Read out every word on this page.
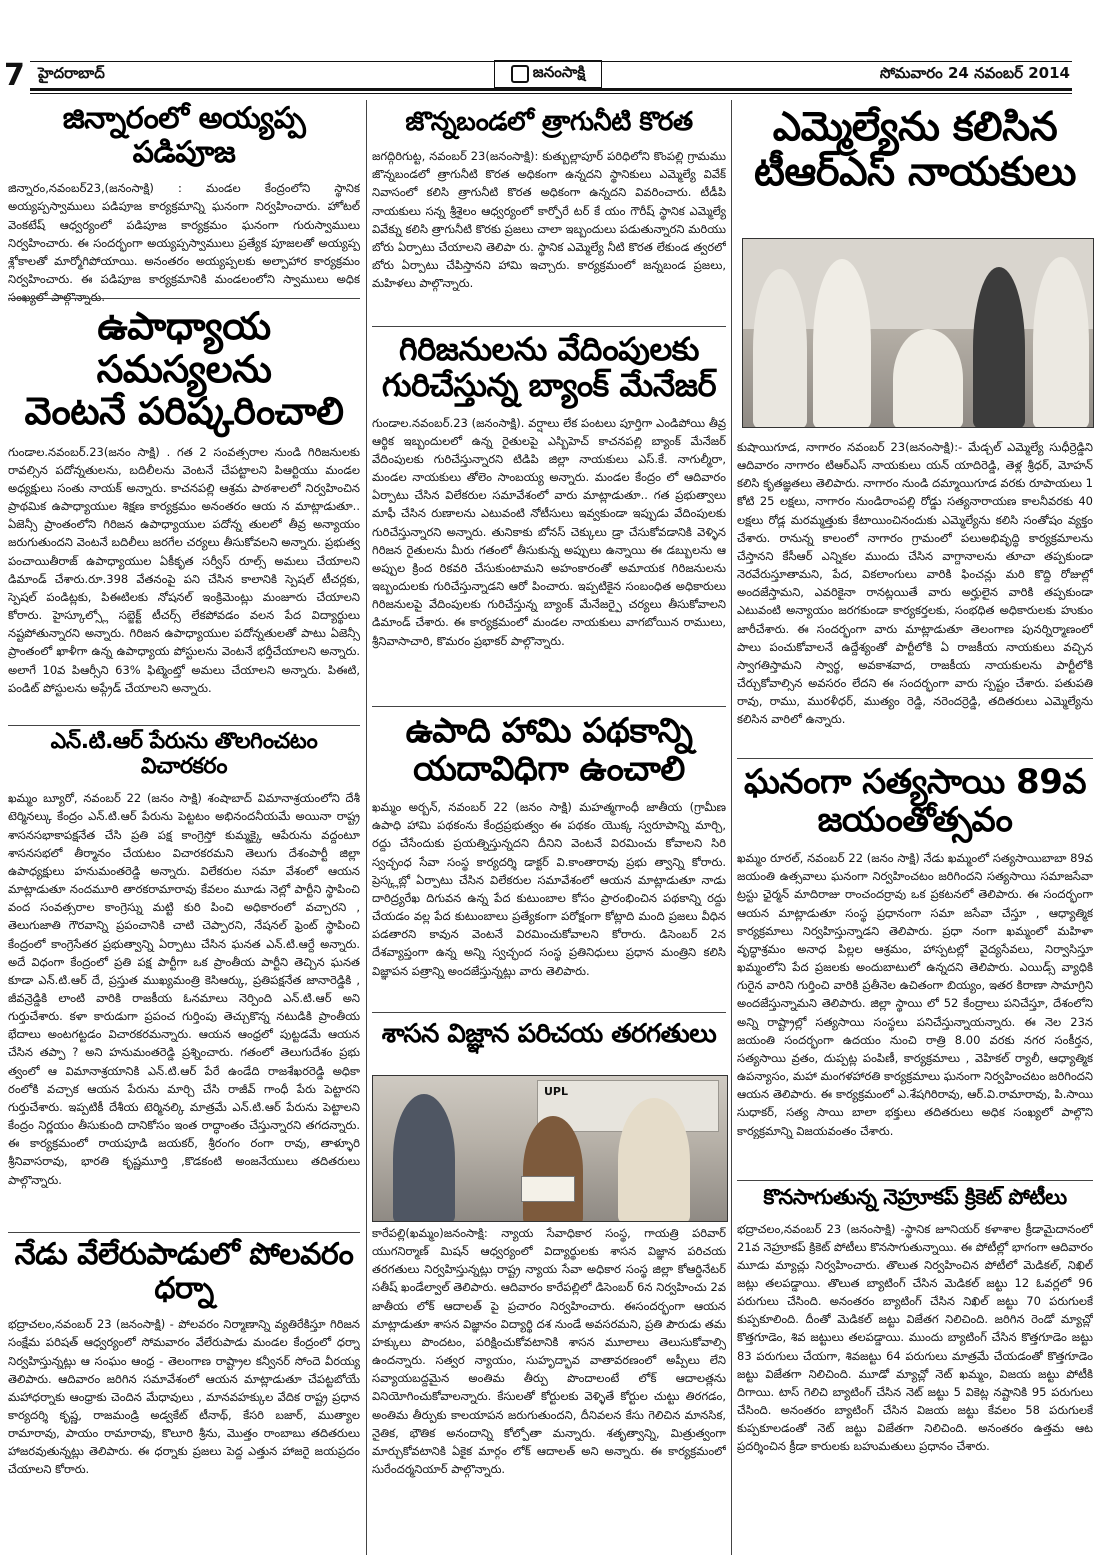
7 హైదరాబాద్	జనంసాక్షి	సోమవారం 24 నవంబర్ 2014
జిన్నారంలో అయ్యప్ప పడిపూజ
జిన్నారం,నవంబర్23,(జనంసాక్షి) : మండల కేంద్రంలోని స్థానిక అయ్యప్పస్వాములు పడిపూజ కార్యక్రమాన్ని ఘనంగా నిర్వహించారు. హోటల్ వెంకటేష్ ఆధ్వర్యంలో పడిపూజ కార్యక్రమం ఘనంగా గురుస్వాములు నిర్వహించారు. ఈ సందర్భంగా అయ్యప్పస్వాములు ప్రత్యేక పూజలతో అయ్యప్ప శ్లోకాలతో మార్మోగిపోయాయి. అనంతరం అయ్యప్పలకు అల్పాహార కార్యక్రమం నిర్వహించారు. ఈ పడిపూజ కార్యక్రమానికి మండలంలోని స్వాములు అధిక
ఉపాధ్యాయ సమస్యలను
వెంటనే పరిష్కరించాలి
గుండాల.నవంబర్.23(జనం సాక్షి) . గత 2 సంవత్సరాల నుండి గిరిజనులకు రావల్సిన పదోన్నతులను, బదిలీలను వెంటనే చేపట్టాలని పిఆర్టియు మండల అధ్యక్షులు సంతు నాయక్ అన్నారు. కాచనపల్లి ఆశ్రమ పాఠశాలలో నిర్వహించిన ప్రాథమిక ఉపాధ్యాయుల శిక్షణ కార్యక్రమం అనంతరం ఆయ న మాట్లాడుతూ.. ఏజెన్సీ ప్రాంతంలోని గిరిజన ఉపాధ్యాయుల పదోన్న తులలో తీవ్ర అన్యాయం జరుగుతుందని వెంటనే బదిలీలు జరగేల చర్యలు తీసుకోవలని అన్నారు. ప్రభుత్వ పంచాయితీరాజ్ ఉపాధ్యాయుల ఏకీకృత సర్వీస్ రూల్స్ అమలు చేయాలని డిమాండ్ చేశారు.రూ.398 వేతనంపై పని చేసిన కాలానికి స్పెషల్ టీచర్లకు, స్పెషల్ పండిట్లకు, పిఈటిలకు నోషనల్ ఇంక్రిమెంట్లు మంజూరు చేయాలని కోరారు. హైస్కూల్స్లో సబ్జెక్ట్ టీచర్స్ లేకపోవడం వలన పేద విద్యార్థులు నష్టపోతున్నారని అన్నారు. గిరిజన ఉపాధ్యాయుల పదోన్నతులతో పాటు ఏజెన్సీ ప్రాంతంలో ఖాళీగా ఉన్న ఉపాధ్యాయ పోస్టులను వెంటనే భర్తీచేయాలని అన్నారు. అలాగే 10వ పిఆర్సీని 63% ఫిట్మెంట్తో అమలు చేయాలని అన్నారు. పిఈటి, పండిట్ పోస్టులను అప్గ్రేడ్ చేయాలని అన్నారు.
ఎన్.టి.ఆర్ పేరును తొలగించటం విచారకరం
ఖమ్మం బ్యూరో, నవంబర్ 22 (జనం సాక్షి) శంషాబాద్ విమానాశ్రయంలోని దేశీ టెర్మినల్కు కేంద్రం ఎన్.టి.ఆర్ పేరును పెట్టటం అభినందనీయమే అయినా రాష్ట్ర శాసనసభాకాపక్షనేత చేసి ప్రతి పక్ష కాంగ్రెస్తో కుమ్మక్కై ఆపేరును వద్దంటూ శాసనసభలో తీర్మానం చేయటం విచారకరమని తెలుగు దేశంపార్టీ జిల్లా ఉపాధ్యక్షులు హనుమంతరెడ్డి అన్నారు. విలేకరుల సమా వేశంలో ఆయన మాట్లాడుతూ నందమూరి తారకరామారావు కేవలం మూడు నెల్లో పార్టీని స్థాపించి వంద సంవత్సరాల కాంగ్రెస్ను మట్టి కురి పించి అధికారంలో వచ్చారని , తెలుగుజాతి గౌరవాన్ని ప్రపంచానికి చాటి చెప్పారని, నేషనల్ ఫ్రెంట్ స్థాపించి కేంద్రంలో కాంగ్రెసేతర ప్రభుత్వాన్ని ఏర్పాటు చేసిన ఘనత ఎన్.టి.ఆర్దే అన్నారు. అదే విధంగా కేంద్రంలో ప్రతి పక్ష పార్టీగా ఒక ప్రాంతీయ పార్టీని తెచ్చిన ఘనత కూడా ఎన్.టి.ఆర్ దే, ప్రస్తుత ముఖ్యమంత్రి కెసిఆర్కు, ప్రతిపక్షనేత జానారెడ్డికి , జీవన్రెడ్డికి లాంటి వారికి రాజకీయ ఓనమాలు నెర్పింది ఎన్.టి.ఆర్ అని గుర్తుచేశారు. కళా కారుడుగా ప్రపంచ గుర్తింపు తెచ్చుకొన్న నటుడికి ప్రాంతీయ భేదాలు అంటగట్టడం విచారకరమన్నారు. ఆయన ఆంధ్రలో పుట్టడమే ఆయన చేసిన తప్పా ? అని హనుమంతరెడ్డి ప్రశ్నించారు. గతంలో తెలుగుదేశం ప్రభు త్వంలో ఆ విమానాశ్రయానికి ఎన్.టి.ఆర్ పేరే ఉండేది రాజశేఖరరెడ్డి అధికా రంలోకి వచ్చాక ఆయన పేరును మార్చి చేసి రాజీవ్ గాంధీ పేరు పెట్టారని గుర్తుచేశారు. ఇప్పటికీ దేశీయ టెర్మినల్కి మాత్రమే ఎన్.టి.ఆర్ పేరును పెట్టాలని కేంద్రం నిర్ణయం తీసుకుంది దానికోసం ఇంత రాద్ధాంతం చేస్తున్నారని తగదన్నారు. ఈ కార్యక్రమంలో రాయపూడి జయకర్, శ్రీరంగం రంగా రావు, తాళ్ళూరి శ్రీనివాసరావు, భారతి కృష్ణమూర్తి ,కొడకంటి అంజనేయులు తదితరులు పాల్గొన్నారు.
నేడు వేలేరుపాడులో పోలవరం ధర్నా
భద్రాచలం,నవంబర్ 23 (జనంసాక్షి) - పోలవరం నిర్మాణాన్ని వ్యతిరేకిస్తూ గిరిజన సంక్షేమ పరిషత్ ఆధ్వర్యంలో సోమవారం వేలేరుపాడు మండల కేంద్రంలో ధర్నా నిర్వహిస్తున్నట్లు ఆ సంఘం ఆంధ్ర - తెలంగాణ రాష్ట్రాల కన్వీనర్ సోందె వీరయ్య తెలిపారు. ఆదివారం జరిగిన సమావేశంలో ఆయన మాట్లాడుతూ చేపట్టబోయే మహాధర్నాకు ఆంధ్రాకు చెందిన మేధావులు , మానవహక్కుల వేదిక రాష్ట్ర ప్రధాన కార్యదర్శి కృష్ణ, రాజమండ్రి అడ్వకేట్ టీనాథ్, కేసరి బజార్, ముత్యాల రామారావు, పాయం రామారావు, కొలూరి శ్రీను, మొత్తం రాంబాబు తదితరులు హాజరవుతున్నట్లు తెలిపారు. ఈ ధర్నాకు ప్రజలు పెద్ద ఎత్తున హాజరై జయప్రదం చేయాలని కోరారు.
జొన్నబండలో త్రాగునీటి కొరత
జగద్గిరిగుట్ట, నవంబర్ 23(జనంసాక్షి): కుత్బుల్లాపూర్ పరిధిలోని కొంపల్లి గ్రామము జొన్నబండలో త్రాగునీటి కొరత అధికంగా ఉన్నదని స్థానికులు ఎమ్మెల్యే వివేక్ నివాసంలో కలిసి త్రాగునీటి కొరత అధికంగా ఉన్నదని వివరించారు. టీడీపి నాయకులు సన్న శ్రీశైలం ఆధ్వర్యంలో కార్పోరే టర్ కే యం గౌరీష్ స్థానిక ఎమ్మెల్యే వివేక్ను కలిసి త్రాగునీటి కొరకు ప్రజలు చాలా ఇబ్బందులు పడుతున్నారని మరియు బోరు ఏర్పాటు చేయాలని తెలిపా రు. స్థానిక ఎమ్మెల్యే నీటి కొరత లేకుండ త్వరలో బోరు ఏర్పాటు చేపిస్తానని హామి ఇచ్చారు. కార్యక్రమంలో జన్నబండ ప్రజలు, మహిళలు పాల్గొన్నారు.
గిరిజనులను వేదింపులకు
గురిచేస్తున్న బ్యాంక్ మేనేజర్
గుండాల.నవంబర్.23 (జనంసాక్షి). వర్షాలు లేక పంటలు పూర్తిగా ఎండిపోయి తీవ్ర ఆర్థిక ఇబ్బందులలో ఉన్న రైతులపై ఎస్బిహెచ్ కాచనపల్లి బ్యాంక్ మేనేజర్ వేదింపులకు గురిచేస్తున్నారని టిడిపి జిల్లా నాయకులు ఎస్.కే. నాగుల్మీరా, మండల నాయకులు తోలెం సాంబయ్య అన్నారు. మండల కేంద్రం లో ఆదివారం ఏర్పాటు చేసిన విలేకరుల సమావేశంలో వారు మాట్లాడుతూ.. గత ప్రభుత్వాలు మాఫీ చేసిన రుణాలను ఎటువంటి నోటీసులు ఇవ్వకుండా ఇప్పుడు వేదింపులకు గురిచేస్తున్నారని అన్నారు. తునికాకు బోనస్ చెక్కులు డ్రా చేసుకోవడానికి వెళ్ళిన గిరిజన రైతులను మీరు గతంలో తీసుకున్న అప్పులు ఉన్నాయి ఈ డబ్బులను ఆ అప్పుల క్రింద రికవరి చేసుకుంటామని అహంకారంతో అమాయక గిరిజనులను ఇబ్బందులకు గురిచేస్తున్నాడని ఆరో పించారు. ఇప్పటికైన సంబంధిత అధికారులు గిరిజనులపై వేదింపులకు గురిచేస్తున్న బ్యాంక్ మేనేజర్పై చర్యలు తీసుకోవాలని డిమాండ్ చేశారు. ఈ కార్యక్రమంలో మండల నాయకులు వాగబోయిన రాములు, శ్రీనివాసాచారి, కొమరం ప్రభాకర్ పాల్గొన్నారు.
ఉపాది హామి పథకాన్ని
యదావిధిగా ఉంచాలి
ఖమ్మం అర్బన్, నవంబర్ 22 (జనం సాక్షి) మహత్మగాంధీ జాతీయ (గ్రామీణ ఉపాధి హామి పథకంను కేంద్రప్రభుత్వం ఈ పథకం యొక్క స్వరూపాన్ని మార్చి, రద్దు చేసేందుకు ప్రయత్నిస్తున్నదని దీనిని వెంటనే విరమించు కోవాలని సిరి స్వచ్ఛంధ సేవా సంస్థ కార్యదర్శి డాక్టర్ వి.కాంతారావు ప్రభు త్వాన్ని కోరారు. ప్రెస్క్లబ్లో ఏర్పాటు చేసిన విలేకరుల సమావేశంలో ఆయన మాట్లాడుతూ నాడు దారిద్ర్యరేఖ దిగువన ఉన్న పేద కుటుంబాల కోసం ప్రారంభించిన పథకాన్ని రద్దు చేయడం వల్ల పేద కుటుంబాలు ప్రత్యేకంగా పరోక్షంగా కోట్లాది మంది ప్రజలు వీధిన పడతారని కావున వెంటనే విరమించుకోవాలని కోరారు. డిసెంబర్ 2న దేశవ్యాప్తంగా ఉన్న అన్ని స్వచ్ఛంద సంస్థ ప్రతినిధులు ప్రధాన మంత్రిని కలిసి విజ్ఞాపన పత్రాన్ని అందజేస్తున్నట్లు వారు తెలిపారు.
శాసన విజ్ఞాన పరిచయ తరగతులు
UPL
కారేపల్లి(ఖమ్మం)జనంసాక్షి: న్యాయ సేవాధికార సంస్థ, గాయత్రి పరివార్ యుగనిర్మాణ్ మిషన్ ఆధ్వర్యంలో విద్యార్థులకు శాసన విజ్ఞాన పరిచయ తరగతులు నిర్వహిస్తున్నట్లు రాష్ట్ర న్యాయ సేవా అధికార సంస్థ జిల్లా కోఆర్డినేటర్ సతీష్ ఖండేల్వాల్ తెలిపారు. ఆదివారం కారేపల్లిలో డిసెంబర్ 6న నిర్వహించు 2వ జాతీయ లోక్ ఆదాలత్ పై ప్రచారం నిర్వహించారు. ఈసందర్భంగా ఆయన మాట్లాడుతూ శాసన విజ్ఞానం విద్యార్థి దశ నుండే అవసరమని, ప్రతి పౌరుడు తమ హక్కులు పొందటం, పరిక్షించుకోవటానికి శాసన మూలాలు తెలుసుకోవాల్సి ఉందన్నారు. సత్వర న్యాయం, సుహృద్భావ వాతావరణంలో అప్పీలు లేని సవ్యాయబద్దమైన అంతిమ తీర్పు పొందాలంటే లోక్ ఆదాలత్లను వినియోగించుకోవాలన్నారు. కేసులతో కోర్టులకు వెళ్ళితే కోర్టుల చుట్టు తిరగడం, అంతిమ తీర్పుకు కాలయాపన జరుగుతుందని, దీనివలన కేసు గెలిచిన మానసిక, నైతిక, భౌతిక అనందాన్ని కోల్పోతా మన్నారు. శతృత్వాన్ని, మిత్రుత్వంగా మార్చుకోవటానికి ఏకైక మార్గం లోక్ ఆదాలత్ అని అన్నారు. ఈ కార్యక్రమంలో సురేందర్మనియార్ పాల్గొన్నారు.
ఎమ్మెల్యేను కలిసిన
టీఆర్ఎస్ నాయకులు
కుషాయిగూడ, నాగారం నవంబర్ 23(జనంసాక్షి):- మేడ్చల్ ఎమ్మెల్యే సుధీర్రెడ్డిని ఆదివారం నాగారం టిఆర్ఎస్ నాయకులు యన్ యాదిరెడ్డి, తెళ్ల శ్రీధర్, మోహన్ కలిసి కృతజ్ఞతలు తెలిపారు. నాగారం నుండి దమ్మాయిగూడ వరకు రూపాయలు 1 కోటి 25 లక్షలు, నాగారం నుండిరాంపల్లి రోడ్డు సత్యనారాయణ కాలనీవరకు 40 లక్షలు రోడ్ల మరమ్మత్తుకు కేటాయించినందుకు ఎమ్మెల్యేను కలిసి సంతోషం వ్యక్తం చేశారు. రానున్న కాలంలో నాగారం గ్రామంలో పలుఅభివృద్ధి కార్యక్రమాలను చేస్తానని కేసీఆర్ ఎన్నికల ముందు చేసిన వాగ్దానాలను తూచా తప్పకుండా నెరవేరుస్తూతామని, పేద, వికలాంగులు వారికి ఫించన్లు మరి కొద్ది రోజుల్లో అందజేస్తామని, ఎవరికైనా రానట్లయితే వారు అర్హులైన వారికి తప్పకుండా ఎటువంటి అన్యాయం జరగకుండా కార్యకర్తలకు, సంభధిత అధికారులకు హుకుం జారీచేశారు. ఈ సందర్భంగా వారు మాట్లాడుతూ తెలంగాణ పునర్నిర్మాణంలో పాలు పంచుకోవాలనే ఉద్దేశ్యంతో పార్టీలోకి ఏ రాజకీయ నాయకులు వచ్చిన స్వాగతిస్తామని స్వార్థ, అవకాశవాద, రాజకీయ నాయకులను పార్టీలోకి చేర్చుకోవాల్సిన అవసరం లేదని ఈ సందర్భంగా వారు స్పష్టం చేశారు. పతుపతి రావు, రాము, మురళీధర్, ముత్యం రెడ్డి, నరెందర్రెడ్డి, తదితరులు ఎమ్మెల్యేను కలిసిన వారిలో ఉన్నారు.
ఘనంగా సత్యసాయి 89వ
జయంతోత్సవం
ఖమ్మం రూరల్, నవంబర్ 22 (జనం సాక్షి) నేడు ఖమ్మంలో సత్యసాయిబాబా 89వ జయంతి ఉత్సవాలు ఘనంగా నిర్వహించటం జరిగిందని సత్యసాయి సమాజసేవా ట్రస్టు ఛైర్మన్ మాదిరాజు రాంచందర్రావు ఒక ప్రకటనలో తెలిపారు. ఈ సందర్భంగా ఆయన మాట్లాడుతూ సంస్థ ప్రధానంగా సమా జసేవా చేస్తూ , ఆధ్యాత్మిక కార్యక్రమాలు నిర్వహిస్తున్నాడని తెలిపారు. ప్రధా నంగా ఖమ్మంలో మహిళా వృద్ధాశ్రమం అనాధ పిల్లల ఆశ్రమం, హాస్పటల్లో వైద్యసేవలు, నిర్వాసిస్తూ ఖమ్మంలోని పేద ప్రజలకు అందుబాటులో ఉన్నదని తెలిపారు. ఎయిడ్స్ వ్యాధికి గురైన వారిని గుర్తించి వారికి ప్రతీనెల ఉచితంగా బియ్యం, ఇతర కిరాణా సామాగ్రిని అందజేస్తున్నామని తెలిపారు. జిల్లా స్థాయి లో 52 కేంద్రాలు పనిచేస్తూ, దేశంలోని అన్ని రాష్ట్రాల్లో సత్యసాయి సంస్థలు పనిచేస్తున్నాయన్నారు. ఈ నెల 23న జయంతి సందర్భంగా ఉదయం నుంచి రాత్రి 8.00 వరకు నగర సంకీర్తన, సత్యసాయి వ్రతం, దుప్పట్ల పంపిణీ, కార్యక్రమాలు , వెహికల్ ర్యాలీ, ఆధ్యాత్మిక ఉపన్యాసం, మహా మంగళహారతి కార్యక్రమాలు ఘనంగా నిర్వహించటం జరిగిందని ఆయన తెలిపారు. ఈ కార్యక్రమంలో ఎ.శేషగిరిరావు, ఆర్.వి.రామారావు, పి.సాయి సుధాకర్, సత్య సాయి బాలా భక్తులు తదితరులు అధిక సంఖ్యలో పాల్గొని కార్యక్రమాన్ని విజయవంతం చేశారు.
కొనసాగుతున్న నెహ్రూకప్ క్రికెట్ పోటీలు
భద్రాచలం,నవంబర్ 23 (జనంసాక్షి) -స్థానిక జూనియర్ కళాశాల క్రీడామైదానంలో 21వ నెహ్రూకప్ క్రికెట్ పోటీలు కొనసాగుతున్నాయి. ఈ పోటీల్లో భాగంగా ఆదివారం మూడు మ్యాచ్లు నిర్వహించారు. తొలుత నిర్వహించిన పోటీలో మెడికల్, నిఖిల్ జట్లు తలపడ్డాయి. తొలుత బ్యాటింగ్ చేసిన మెడికల్ జట్టు 12 ఓవర్లలో 96 పరుగులు చేసింది. అనంతరం బ్యాటింగ్ చేసిన నిఖిల్ జట్టు 70 పరుగులకే కుప్పకూలింది. దీంతో మెడికల్ జట్టు విజేతగ నిలిచింది. జరిగిన రెండో మ్యాచ్లో కొత్తగూడెం, శివ జట్టులు తలపడ్డాయి. ముందు బ్యాటింగ్ చేసిన కొత్తగూడెం జట్టు 83 పరుగులు చేయగా, శివజట్టు 64 పరుగులు మాత్రమే చేయడంతో కొత్తగూడెం జట్టు విజేతగా నిలిచింది. మూడో మ్యాచ్లో నెట్ ఖమ్మం, విజయ జట్టు పోటీకి దిగాయి. టాస్ గెలిచి బ్యాటింగ్ చేసిన నెట్ జట్టు 5 వికెట్ల నష్టానికి 95 పరుగులు చేసింది. అనంతరం బ్యాటింగ్ చేసిన విజయ జట్టు కేవలం 58 పరుగులకే కుప్పకూలడంతో నెట్ జట్టు విజేతగా నిలిచింది. అనంతరం ఉత్తమ ఆట ప్రదర్శించిన క్రీడా కారులకు బహుమతులు ప్రధానం చేశారు.
